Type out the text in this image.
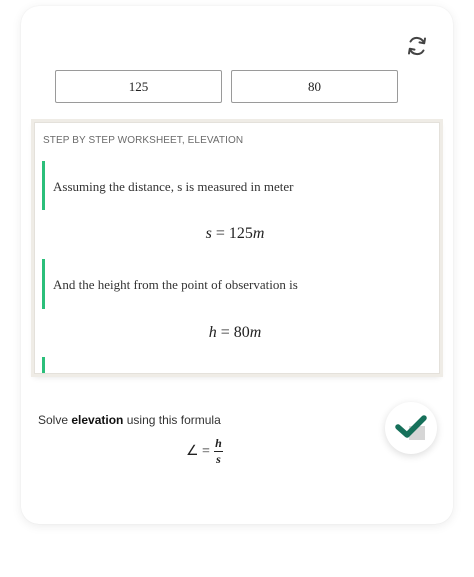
125
80
STEP BY STEP WORKSHEET, ELEVATION
Assuming the distance, s is measured in meter
s = 125m
And the height from the point of observation is
h = 80m
Solve elevation using this formula
∠ = $\frac{h}{s}$
